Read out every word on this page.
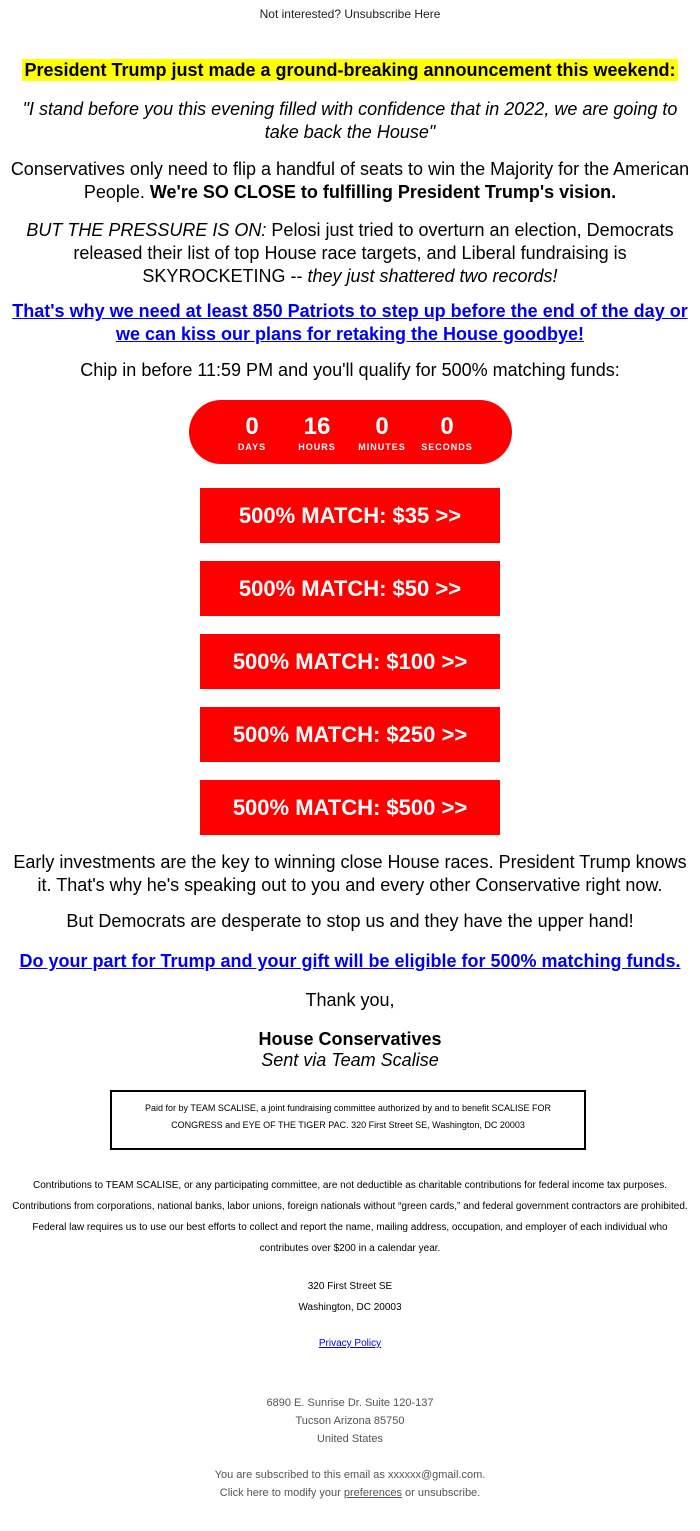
Not interested? Unsubscribe Here
President Trump just made a ground-breaking announcement this weekend:
"I stand before you this evening filled with confidence that in 2022, we are going to take back the House"
Conservatives only need to flip a handful of seats to win the Majority for the American People. We're SO CLOSE to fulfilling President Trump's vision.
BUT THE PRESSURE IS ON: Pelosi just tried to overturn an election, Democrats released their list of top House race targets, and Liberal fundraising is SKYROCKETING -- they just shattered two records!
That's why we need at least 850 Patriots to step up before the end of the day or we can kiss our plans for retaking the House goodbye!
Chip in before 11:59 PM and you'll qualify for 500% matching funds:
0
DAYS
16
HOURS
0
MINUTES
0
SECONDS
500% MATCH: $35 >>
500% MATCH: $50 >>
500% MATCH: $100 >>
500% MATCH: $250 >>
500% MATCH: $500 >>
Early investments are the key to winning close House races. President Trump knows it. That's why he's speaking out to you and every other Conservative right now.
But Democrats are desperate to stop us and they have the upper hand!
Do your part for Trump and your gift will be eligible for 500% matching funds.
Thank you,
House Conservatives
Sent via Team Scalise
Paid for by TEAM SCALISE, a joint fundraising committee authorized by and to benefit SCALISE FOR CONGRESS and EYE OF THE TIGER PAC. 320 First Street SE, Washington, DC 20003
Contributions to TEAM SCALISE, or any participating committee, are not deductible as charitable contributions for federal income tax purposes. Contributions from corporations, national banks, labor unions, foreign nationals without “green cards,” and federal government contractors are prohibited. Federal law requires us to use our best efforts to collect and report the name, mailing address, occupation, and employer of each individual who contributes over $200 in a calendar year.
320 First Street SE
Washington, DC 20003
Privacy Policy
6890 E. Sunrise Dr. Suite 120-137
Tucson Arizona 85750
United States
You are subscribed to this email as xxxxxx@gmail.com.
Click here to modify your preferences or unsubscribe.
